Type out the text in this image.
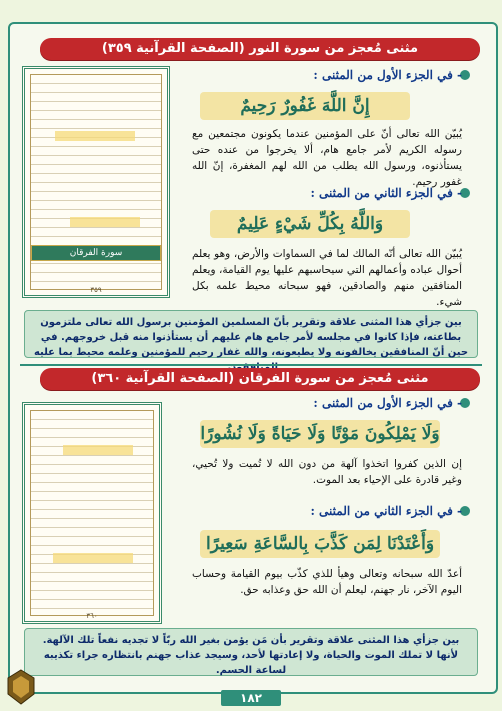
مثنى مُعجز من سورة النور (الصفحة القرآنية ٣٥٩)
سورة الفرقان
٣٥٩
- في الجزء الأول من المثنى :
إِنَّ اللَّهَ غَفُورٌ رَحِيمٌ
يُبيّن الله تعالى أنّ على المؤمنين عندما يكونون مجتمعين مع رسوله الكريم لأمر جامع هام، ألا يخرجوا من عنده حتى يستأذنوه، ورسول الله يطلب من الله لهم المغفرة، إنّ الله غفور رحيم.
- في الجزء الثاني من المثنى :
وَاللَّهُ بِكُلِّ شَيْءٍ عَلِيمٌ
يُبيّن الله تعالى أنّه المالك لما في السماوات والأرض، وهو يعلم أحوال عباده وأعمالهم التي سيحاسبهم عليها يوم القيامة، ويعلم المنافقين منهم والصادقين، فهو سبحانه محيط علمه بكل شيء.
بين جزأي هذا المثنى علاقة وتقرير بأنّ المسلمين المؤمنين برسول الله تعالى ملتزمون بطاعته، فإذا كانوا في مجلسه لأمر جامع هام عليهم أن يستأذنوا منه قبل خروجهم. في حين أنّ المنافقين يخالفونه ولا يطيعونه، والله غفار رحيم للمؤمنين وعلمه محيط بما عليه
مثنى مُعجز من سورة الفرقان (الصفحة القرآنية ٣٦٠)
٣٦٠
- في الجزء الأول من المثنى :
وَلَا يَمْلِكُونَ مَوْتًا وَلَا حَيَاةً وَلَا نُشُورًا
إن الذين كفروا اتخذوا آلهة من دون الله لا تُميت ولا تُحيي، وغير قادرة على الإحياء بعد الموت.
- في الجزء الثاني من المثنى :
وَأَعْتَدْنَا لِمَن كَذَّبَ بِالسَّاعَةِ سَعِيرًا
أعدّ الله سبحانه وتعالى وهيأ للذي كذّب بيوم القيامة وحساب اليوم الآخر، نار جهنم، ليعلم أن الله حق وعذابه حق.
بين جزأي هذا المثنى علاقة وتقرير بأن مَن يؤمن بغير الله ربّاً لا تجديه نفعاً تلك الآلهة. لأنها لا تملك الموت والحياة، ولا إعادتها لأحد، وسيجد عذاب جهنم بانتظاره جراء تكذيبه لساعة الحسم.
١٨٢
